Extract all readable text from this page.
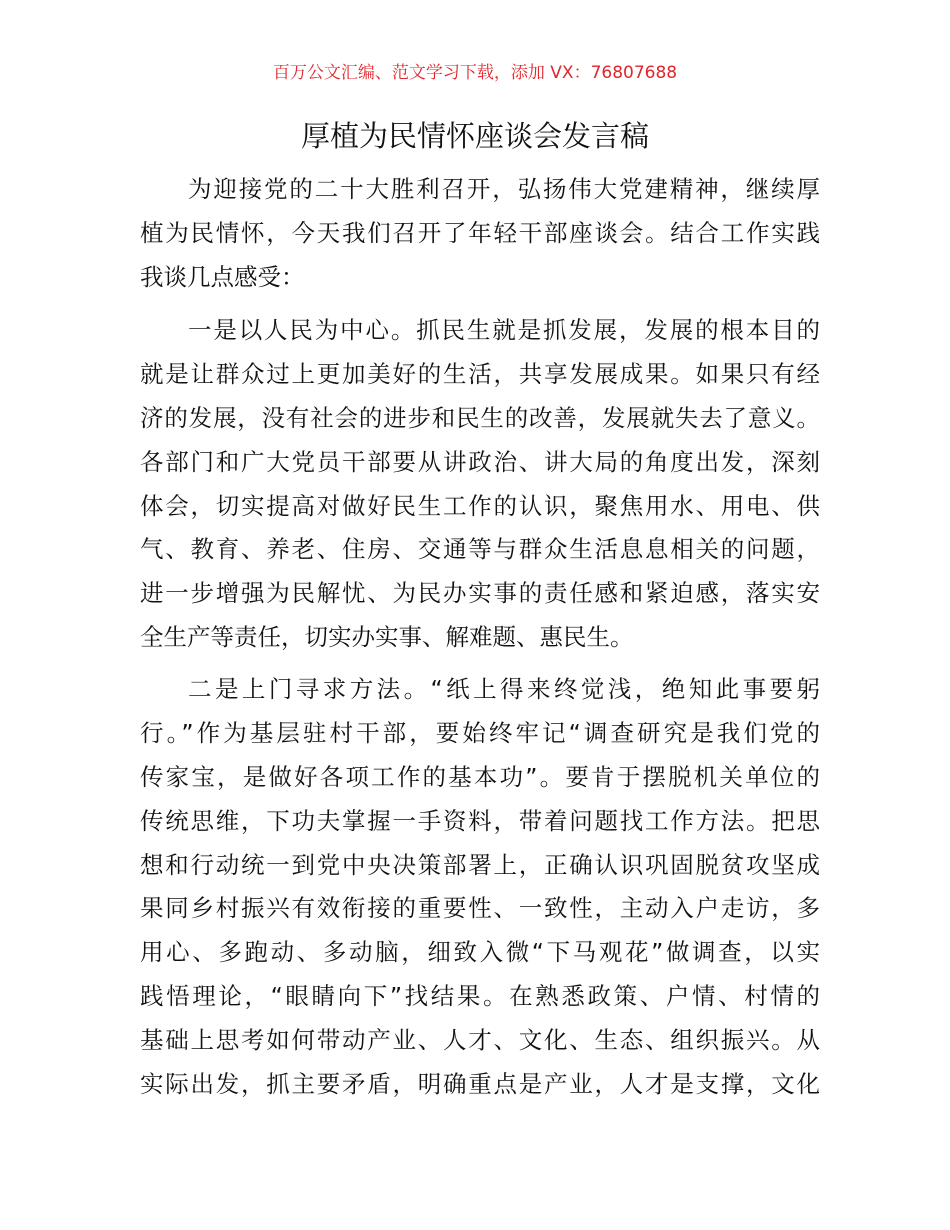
百万公文汇编、范文学习下载，添加 VX：76807688
厚植为民情怀座谈会发言稿
为迎接党的二十大胜利召开，弘扬伟大党建精神，继续厚
植为民情怀，今天我们召开了年轻干部座谈会。结合工作实践
我谈几点感受：
一是以人民为中心。抓民生就是抓发展，发展的根本目的
就是让群众过上更加美好的生活，共享发展成果。如果只有经
济的发展，没有社会的进步和民生的改善，发展就失去了意义。
各部门和广大党员干部要从讲政治、讲大局的角度出发，深刻
体会，切实提高对做好民生工作的认识，聚焦用水、用电、供
气、教育、养老、住房、交通等与群众生活息息相关的问题，
进一步增强为民解忧、为民办实事的责任感和紧迫感，落实安
全生产等责任，切实办实事、解难题、惠民生。
二是上门寻求方法。“纸上得来终觉浅，绝知此事要躬
行。”作为基层驻村干部，要始终牢记“调查研究是我们党的
传家宝，是做好各项工作的基本功”。要肯于摆脱机关单位的
传统思维，下功夫掌握一手资料，带着问题找工作方法。把思
想和行动统一到党中央决策部署上，正确认识巩固脱贫攻坚成
果同乡村振兴有效衔接的重要性、一致性，主动入户走访，多
用心、多跑动、多动脑，细致入微“下马观花”做调查，以实
践悟理论，“眼睛向下”找结果。在熟悉政策、户情、村情的
基础上思考如何带动产业、人才、文化、生态、组织振兴。从
实际出发，抓主要矛盾，明确重点是产业，人才是支撑，文化
